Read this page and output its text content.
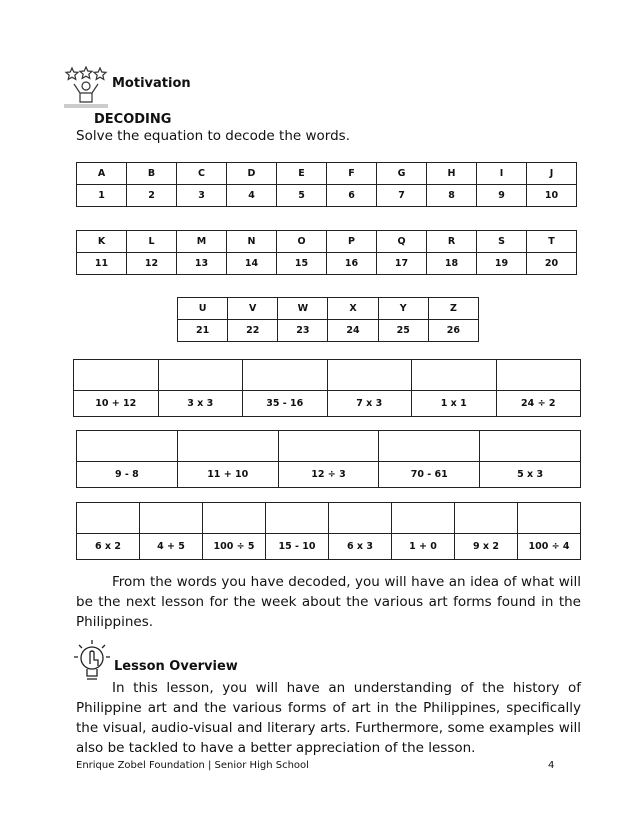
Motivation
DECODING
Solve the equation to decode the words.
A	B	C	D	E	F	G	H	I	J
1	2	3	4	5	6	7	8	9	10
K	L	M	N	O	P	Q	R	S	T
11	12	13	14	15	16	17	18	19	20
U	V	W	X	Y	Z
21	22	23	24	25	26

10 + 12	3 x 3	35 - 16	7 x 3	1 x 1	24 ÷ 2

9 - 8	11 + 10	12 ÷ 3	70 - 61	5 x 3

6 x 2	4 + 5	100 ÷ 5	15 - 10	6 x 3	1 + 0	9 x 2	100 ÷ 4
From the words you have decoded, you will have an idea of what will be the next lesson for the week about the various art forms found in the Philippines.
Lesson Overview
In this lesson, you will have an understanding of the history of Philippine art and the various forms of art in the Philippines, specifically the visual, audio-visual and literary arts. Furthermore, some examples will also be tackled to have a better appreciation of the lesson.
Enrique Zobel Foundation | Senior High School	4
